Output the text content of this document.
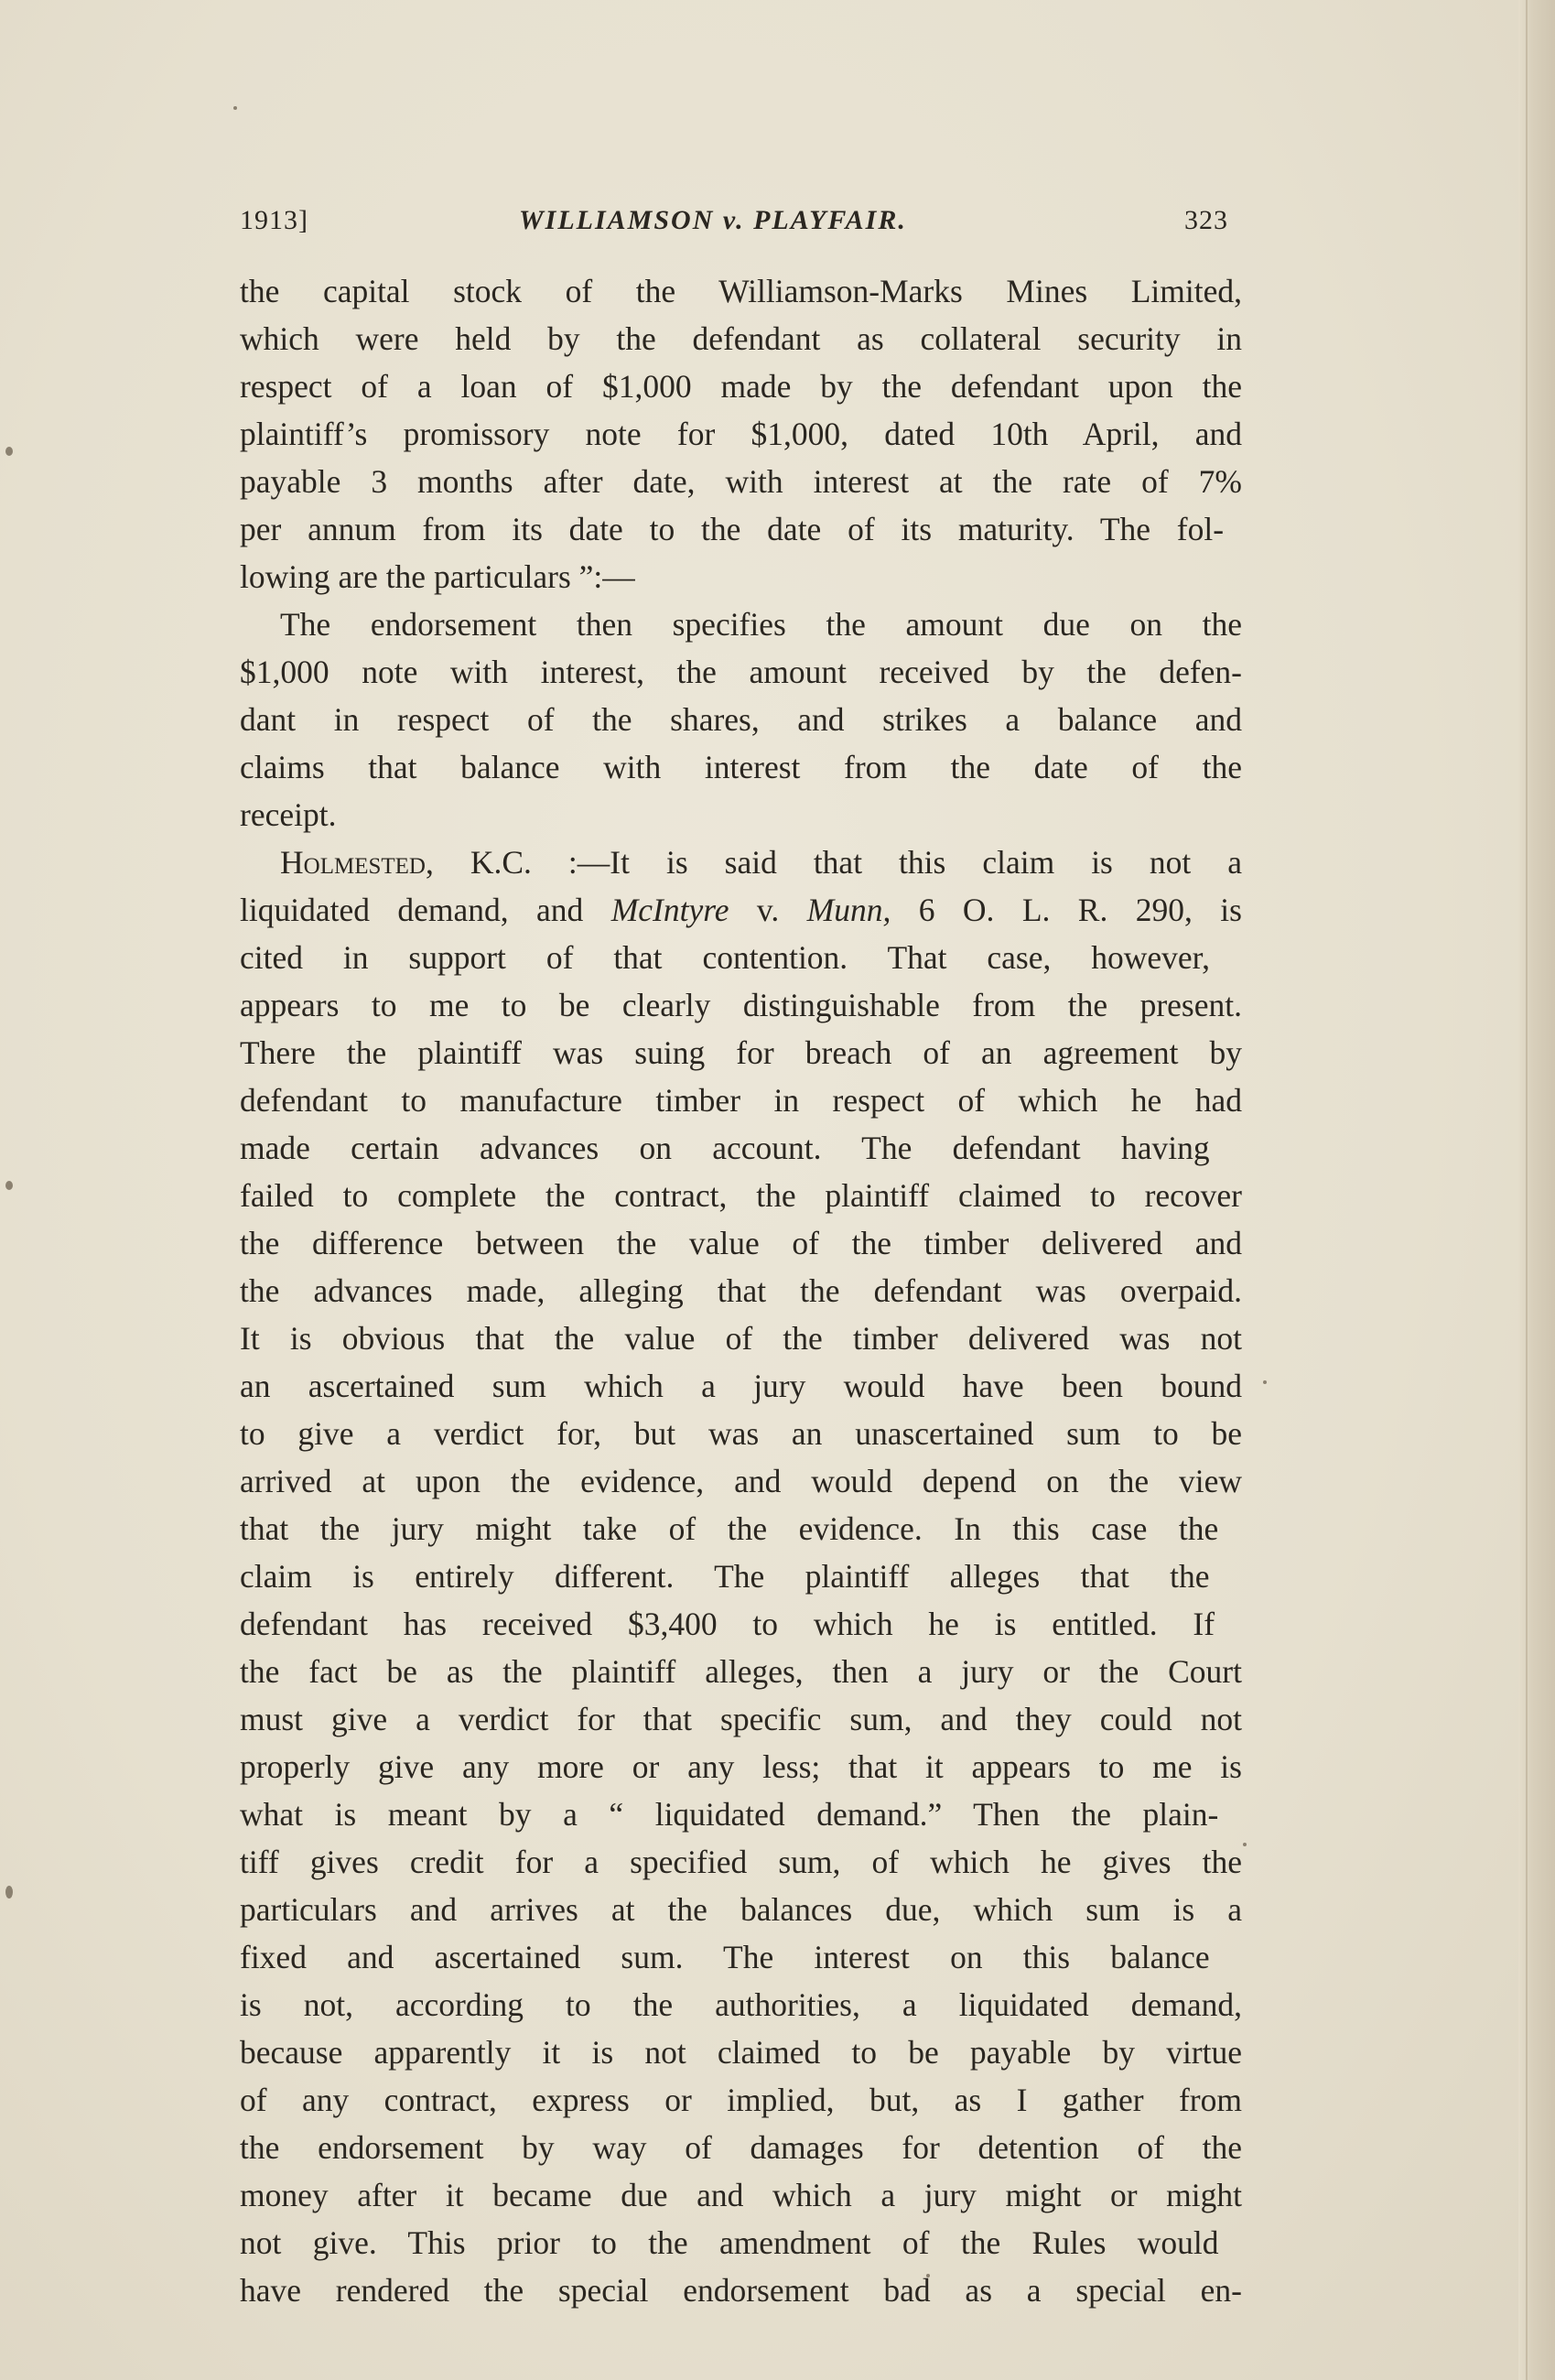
1913]	WILLIAMSON v. PLAYFAIR.	323
the capital stock of the Williamson-Marks Mines Limited,
which were held by the defendant as collateral security in
respect of a loan of $1,000 made by the defendant upon the
plaintiff’s promissory note for $1,000, dated 10th April, and
payable 3 months after date, with interest at the rate of 7%
per annum from its date to the date of its maturity. The fol-
lowing are the particulars ”:—
The endorsement then specifies the amount due on the
$1,000 note with interest, the amount received by the defen-
dant in respect of the shares, and strikes a balance and
claims that balance with interest from the date of the
receipt.
Holmested, K.C. :—It is said that this claim is not a
liquidated demand, and McIntyre v. Munn, 6 O. L. R. 290, is
cited in support of that contention. That case, however,
appears to me to be clearly distinguishable from the present.
There the plaintiff was suing for breach of an agreement by
defendant to manufacture timber in respect of which he had
made certain advances on account. The defendant having
failed to complete the contract, the plaintiff claimed to recover
the difference between the value of the timber delivered and
the advances made, alleging that the defendant was overpaid.
It is obvious that the value of the timber delivered was not
an ascertained sum which a jury would have been bound
to give a verdict for, but was an unascertained sum to be
arrived at upon the evidence, and would depend on the view
that the jury might take of the evidence. In this case the
claim is entirely different. The plaintiff alleges that the
defendant has received $3,400 to which he is entitled. If
the fact be as the plaintiff alleges, then a jury or the Court
must give a verdict for that specific sum, and they could not
properly give any more or any less; that it appears to me is
what is meant by a “ liquidated demand.” Then the plain-
tiff gives credit for a specified sum, of which he gives the
particulars and arrives at the balances due, which sum is a
fixed and ascertained sum. The interest on this balance
is not, according to the authorities, a liquidated demand,
because apparently it is not claimed to be payable by virtue
of any contract, express or implied, but, as I gather from
the endorsement by way of damages for detention of the
money after it became due and which a jury might or might
not give. This prior to the amendment of the Rules would
have rendered the special endorsement bad as a special en-
